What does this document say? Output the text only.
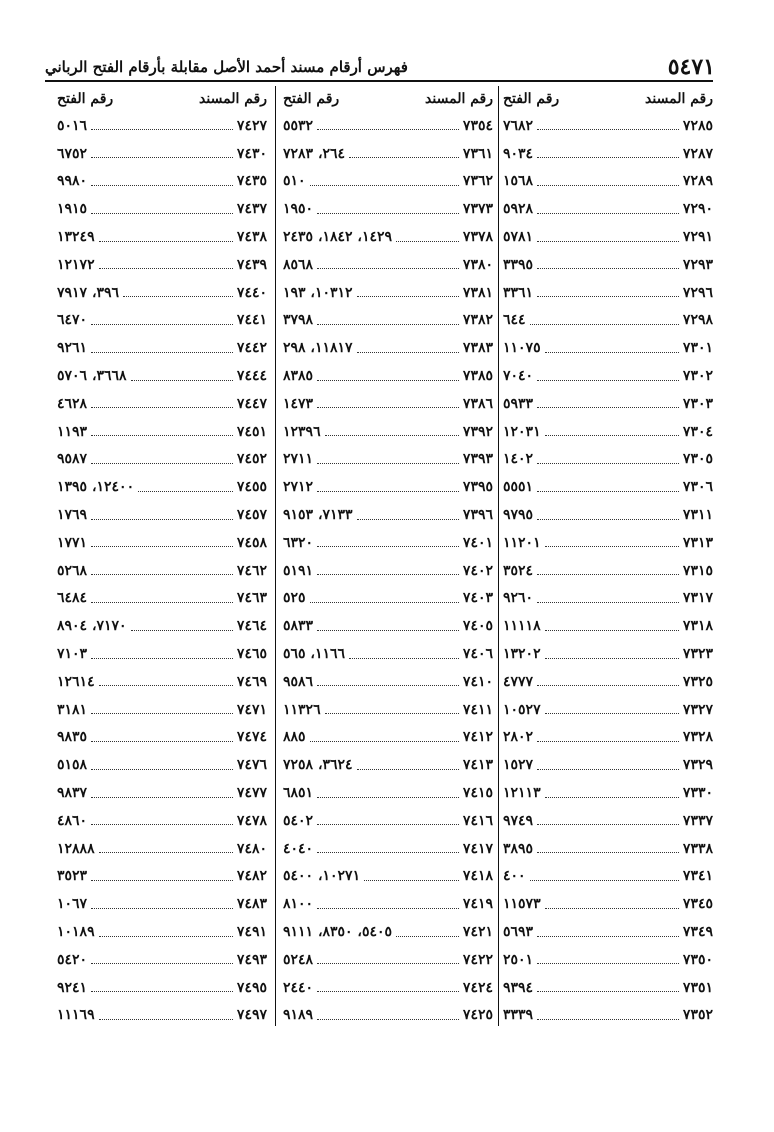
٥٤٧١
فهرس أرقام مسند أحمد الأصل مقابلة بأرقام الفتح الرباني
رقم المسند
رقم الفتح
٧٢٨٥
٧٦٨٢
٧٢٨٧
٩٠٣٤
٧٢٨٩
١٥٦٨
٧٢٩٠
٥٩٢٨
٧٢٩١
٥٧٨١
٧٢٩٣
٣٣٩٥
٧٢٩٦
٣٣٦١
٧٢٩٨
٦٤٤
٧٣٠١
١١٠٧٥
٧٣٠٢
٧٠٤٠
٧٣٠٣
٥٩٣٣
٧٣٠٤
١٢٠٣١
٧٣٠٥
١٤٠٢
٧٣٠٦
٥٥٥١
٧٣١١
٩٧٩٥
٧٣١٣
١١٢٠١
٧٣١٥
٣٥٢٤
٧٣١٧
٩٢٦٠
٧٣١٨
١١١١٨
٧٣٢٣
١٣٢٠٢
٧٣٢٥
٤٧٧٧
٧٣٢٧
١٠٥٢٧
٧٣٢٨
٢٨٠٢
٧٣٢٩
١٥٢٧
٧٣٣٠
١٢١١٣
٧٣٣٧
٩٧٤٩
٧٣٣٨
٣٨٩٥
٧٣٤١
٤٠٠
٧٣٤٥
١١٥٧٣
٧٣٤٩
٥٦٩٣
٧٣٥٠
٢٥٠١
٧٣٥١
٩٣٩٤
٧٣٥٢
٣٣٣٩
رقم المسند
رقم الفتح
٧٣٥٤
٥٥٣٢
٧٣٦١
٢٦٤، ٧٢٨٣
٧٣٦٢
٥١٠
٧٣٧٣
١٩٥٠
٧٣٧٨
١٤٢٩، ١٨٤٢، ٢٤٣٥
٧٣٨٠
٨٥٦٨
٧٣٨١
١٠٣١٢، ١٩٣
٧٣٨٢
٣٧٩٨
٧٣٨٣
١١٨١٧، ٢٩٨
٧٣٨٥
٨٣٨٥
٧٣٨٦
١٤٧٣
٧٣٩٢
١٢٣٩٦
٧٣٩٣
٢٧١١
٧٣٩٥
٢٧١٢
٧٣٩٦
٧١٣٣، ٩١٥٣
٧٤٠١
٦٣٢٠
٧٤٠٢
٥١٩١
٧٤٠٣
٥٢٥
٧٤٠٥
٥٨٣٣
٧٤٠٦
١١٦٦، ٥٦٥
٧٤١٠
٩٥٨٦
٧٤١١
١١٣٢٦
٧٤١٢
٨٨٥
٧٤١٣
٣٦٢٤، ٧٢٥٨
٧٤١٥
٦٨٥١
٧٤١٦
٥٤٠٢
٧٤١٧
٤٠٤٠
٧٤١٨
١٠٢٧١، ٥٤٠٠
٧٤١٩
٨١٠٠
٧٤٢١
٥٤٠٥، ٨٣٥٠، ٩١١١
٧٤٢٢
٥٢٤٨
٧٤٢٤
٢٤٤٠
٧٤٢٥
٩١٨٩
رقم المسند
رقم الفتح
٧٤٢٧
٥٠١٦
٧٤٣٠
٦٧٥٢
٧٤٣٥
٩٩٨٠
٧٤٣٧
١٩١٥
٧٤٣٨
١٣٢٤٩
٧٤٣٩
١٢١٧٢
٧٤٤٠
٣٩٦، ٧٩١٧
٧٤٤١
٦٤٧٠
٧٤٤٢
٩٢٦١
٧٤٤٤
٣٦٦٨، ٥٧٠٦
٧٤٤٧
٤٦٢٨
٧٤٥١
١١٩٣
٧٤٥٢
٩٥٨٧
٧٤٥٥
١٢٤٠٠، ١٣٩٥
٧٤٥٧
١٧٦٩
٧٤٥٨
١٧٧١
٧٤٦٢
٥٢٦٨
٧٤٦٣
٦٤٨٤
٧٤٦٤
٧١٧٠، ٨٩٠٤
٧٤٦٥
٧١٠٣
٧٤٦٩
١٢٦١٤
٧٤٧١
٣١٨١
٧٤٧٤
٩٨٣٥
٧٤٧٦
٥١٥٨
٧٤٧٧
٩٨٣٧
٧٤٧٨
٤٨٦٠
٧٤٨٠
١٢٨٨٨
٧٤٨٢
٣٥٢٣
٧٤٨٣
١٠٦٧
٧٤٩١
١٠١٨٩
٧٤٩٣
٥٤٢٠
٧٤٩٥
٩٢٤١
٧٤٩٧
١١١٦٩
